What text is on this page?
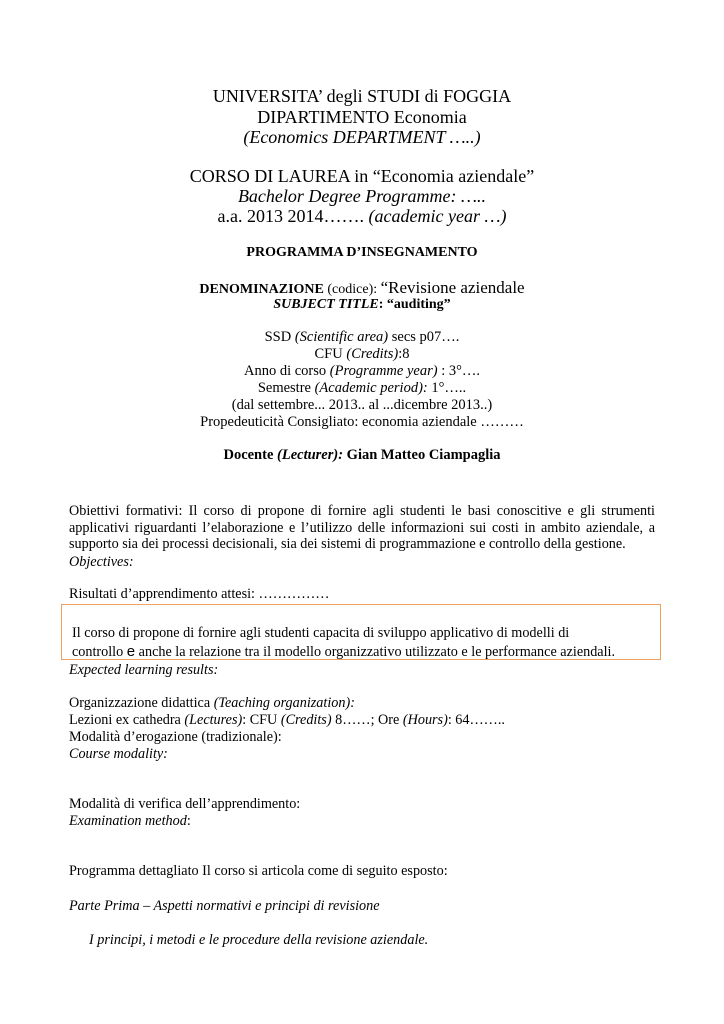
UNIVERSITA’ degli STUDI di FOGGIA
DIPARTIMENTO Economia
(Economics DEPARTMENT …..)
CORSO DI LAUREA in “Economia aziendale”
Bachelor Degree Programme: …..
a.a. 2013 2014……. (academic year …)
PROGRAMMA D’INSEGNAMENTO
DENOMINAZIONE (codice): “Revisione aziendale
SUBJECT TITLE: “auditing”
SSD (Scientific area) secs p07….
CFU (Credits):8
Anno di corso (Programme year) : 3°….
Semestre (Academic period): 1°…..
(dal settembre... 2013.. al ...dicembre 2013..)
Propedeuticità Consigliato: economia aziendale ………
Docente (Lecturer): Gian Matteo Ciampaglia
Obiettivi formativi: Il corso di propone di fornire agli studenti le basi conoscitive e gli strumenti applicativi riguardanti l’elaborazione e l’utilizzo delle informazioni sui costi in ambito aziendale, a supporto sia dei processi decisionali, sia dei sistemi di programmazione e controllo della gestione.
Objectives:
Risultati d’apprendimento attesi: ……………
Il corso di propone di fornire agli studenti capacita di sviluppo applicativo di modelli di
controllo e anche la relazione tra il modello organizzativo utilizzato e le performance aziendali.
Expected learning results:
Organizzazione didattica (Teaching organization):
Lezioni ex cathedra (Lectures): CFU (Credits) 8……; Ore (Hours): 64……..
Modalità d’erogazione (tradizionale):
Course modality:
Modalità di verifica dell’apprendimento:
Examination method:
Programma dettagliato Il corso si articola come di seguito esposto:
Parte Prima – Aspetti normativi e principi di revisione
I principi, i metodi e le procedure della revisione aziendale.
